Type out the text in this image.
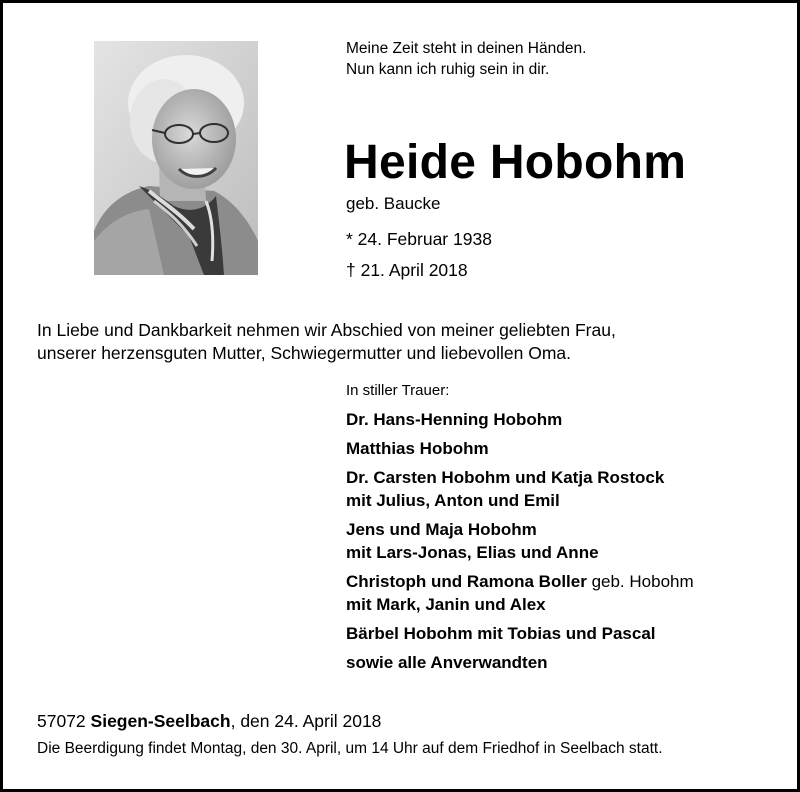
Meine Zeit steht in deinen Händen.
Nun kann ich ruhig sein in dir.
Heide Hobohm
geb. Baucke
* 24. Februar 1938
† 21. April 2018
In Liebe und Dankbarkeit nehmen wir Abschied von meiner geliebten Frau,
unserer herzensguten Mutter, Schwiegermutter und liebevollen Oma.
In stiller Trauer:
Dr. Hans-Henning Hobohm
Matthias Hobohm
Dr. Carsten Hobohm und Katja Rostock
mit Julius, Anton und Emil
Jens und Maja Hobohm
mit Lars-Jonas, Elias und Anne
Christoph und Ramona Boller geb. Hobohm
mit Mark, Janin und Alex
Bärbel Hobohm mit Tobias und Pascal
sowie alle Anverwandten
57072 Siegen-Seelbach, den 24. April 2018
Die Beerdigung findet Montag, den 30. April, um 14 Uhr auf dem Friedhof in Seelbach statt.
